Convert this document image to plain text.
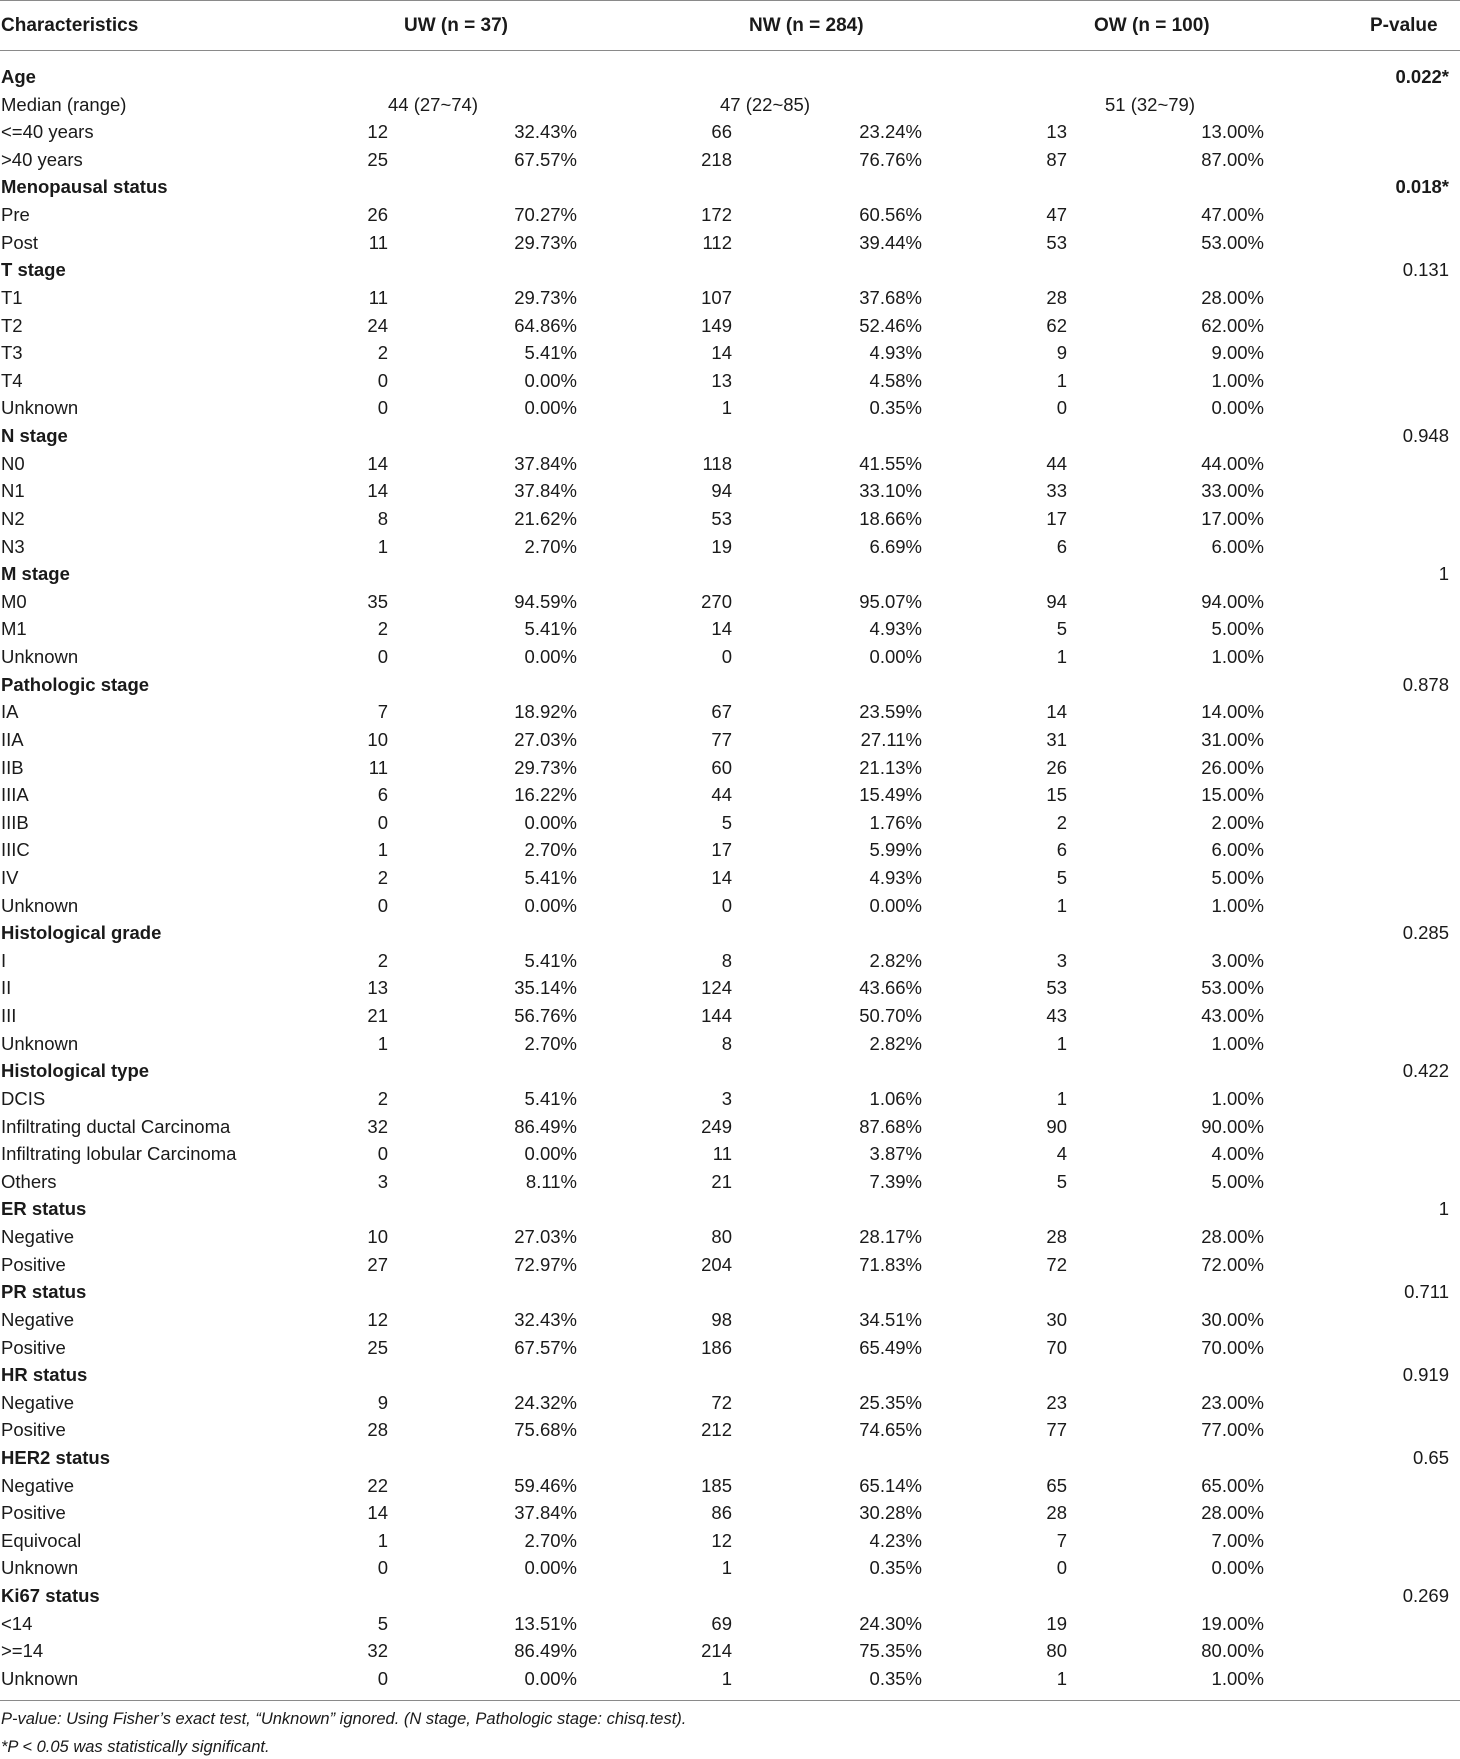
Characteristics	UW (n = 37)	NW (n = 284)	OW (n = 100)	P-value
Age	0.022*
Median (range)	44 (27~74)	47 (22~85)	51 (32~79)
<=40 years	12	32.43%	66	23.24%	13	13.00%
>40 years	25	67.57%	218	76.76%	87	87.00%
Menopausal status	0.018*
Pre	26	70.27%	172	60.56%	47	47.00%
Post	11	29.73%	112	39.44%	53	53.00%
T stage	0.131
T1	11	29.73%	107	37.68%	28	28.00%
T2	24	64.86%	149	52.46%	62	62.00%
T3	2	5.41%	14	4.93%	9	9.00%
T4	0	0.00%	13	4.58%	1	1.00%
Unknown	0	0.00%	1	0.35%	0	0.00%
N stage	0.948
N0	14	37.84%	118	41.55%	44	44.00%
N1	14	37.84%	94	33.10%	33	33.00%
N2	8	21.62%	53	18.66%	17	17.00%
N3	1	2.70%	19	6.69%	6	6.00%
M stage	1
M0	35	94.59%	270	95.07%	94	94.00%
M1	2	5.41%	14	4.93%	5	5.00%
Unknown	0	0.00%	0	0.00%	1	1.00%
Pathologic stage	0.878
IA	7	18.92%	67	23.59%	14	14.00%
IIA	10	27.03%	77	27.11%	31	31.00%
IIB	11	29.73%	60	21.13%	26	26.00%
IIIA	6	16.22%	44	15.49%	15	15.00%
IIIB	0	0.00%	5	1.76%	2	2.00%
IIIC	1	2.70%	17	5.99%	6	6.00%
IV	2	5.41%	14	4.93%	5	5.00%
Unknown	0	0.00%	0	0.00%	1	1.00%
Histological grade	0.285
I	2	5.41%	8	2.82%	3	3.00%
II	13	35.14%	124	43.66%	53	53.00%
III	21	56.76%	144	50.70%	43	43.00%
Unknown	1	2.70%	8	2.82%	1	1.00%
Histological type	0.422
DCIS	2	5.41%	3	1.06%	1	1.00%
Infiltrating ductal Carcinoma	32	86.49%	249	87.68%	90	90.00%
Infiltrating lobular Carcinoma	0	0.00%	11	3.87%	4	4.00%
Others	3	8.11%	21	7.39%	5	5.00%
ER status	1
Negative	10	27.03%	80	28.17%	28	28.00%
Positive	27	72.97%	204	71.83%	72	72.00%
PR status	0.711
Negative	12	32.43%	98	34.51%	30	30.00%
Positive	25	67.57%	186	65.49%	70	70.00%
HR status	0.919
Negative	9	24.32%	72	25.35%	23	23.00%
Positive	28	75.68%	212	74.65%	77	77.00%
HER2 status	0.65
Negative	22	59.46%	185	65.14%	65	65.00%
Positive	14	37.84%	86	30.28%	28	28.00%
Equivocal	1	2.70%	12	4.23%	7	7.00%
Unknown	0	0.00%	1	0.35%	0	0.00%
Ki67 status	0.269
<14	5	13.51%	69	24.30%	19	19.00%
>=14	32	86.49%	214	75.35%	80	80.00%
Unknown	0	0.00%	1	0.35%	1	1.00%
P-value: Using Fisher’s exact test, “Unknown” ignored. (N stage, Pathologic stage: chisq.test).
*P < 0.05 was statistically significant.
